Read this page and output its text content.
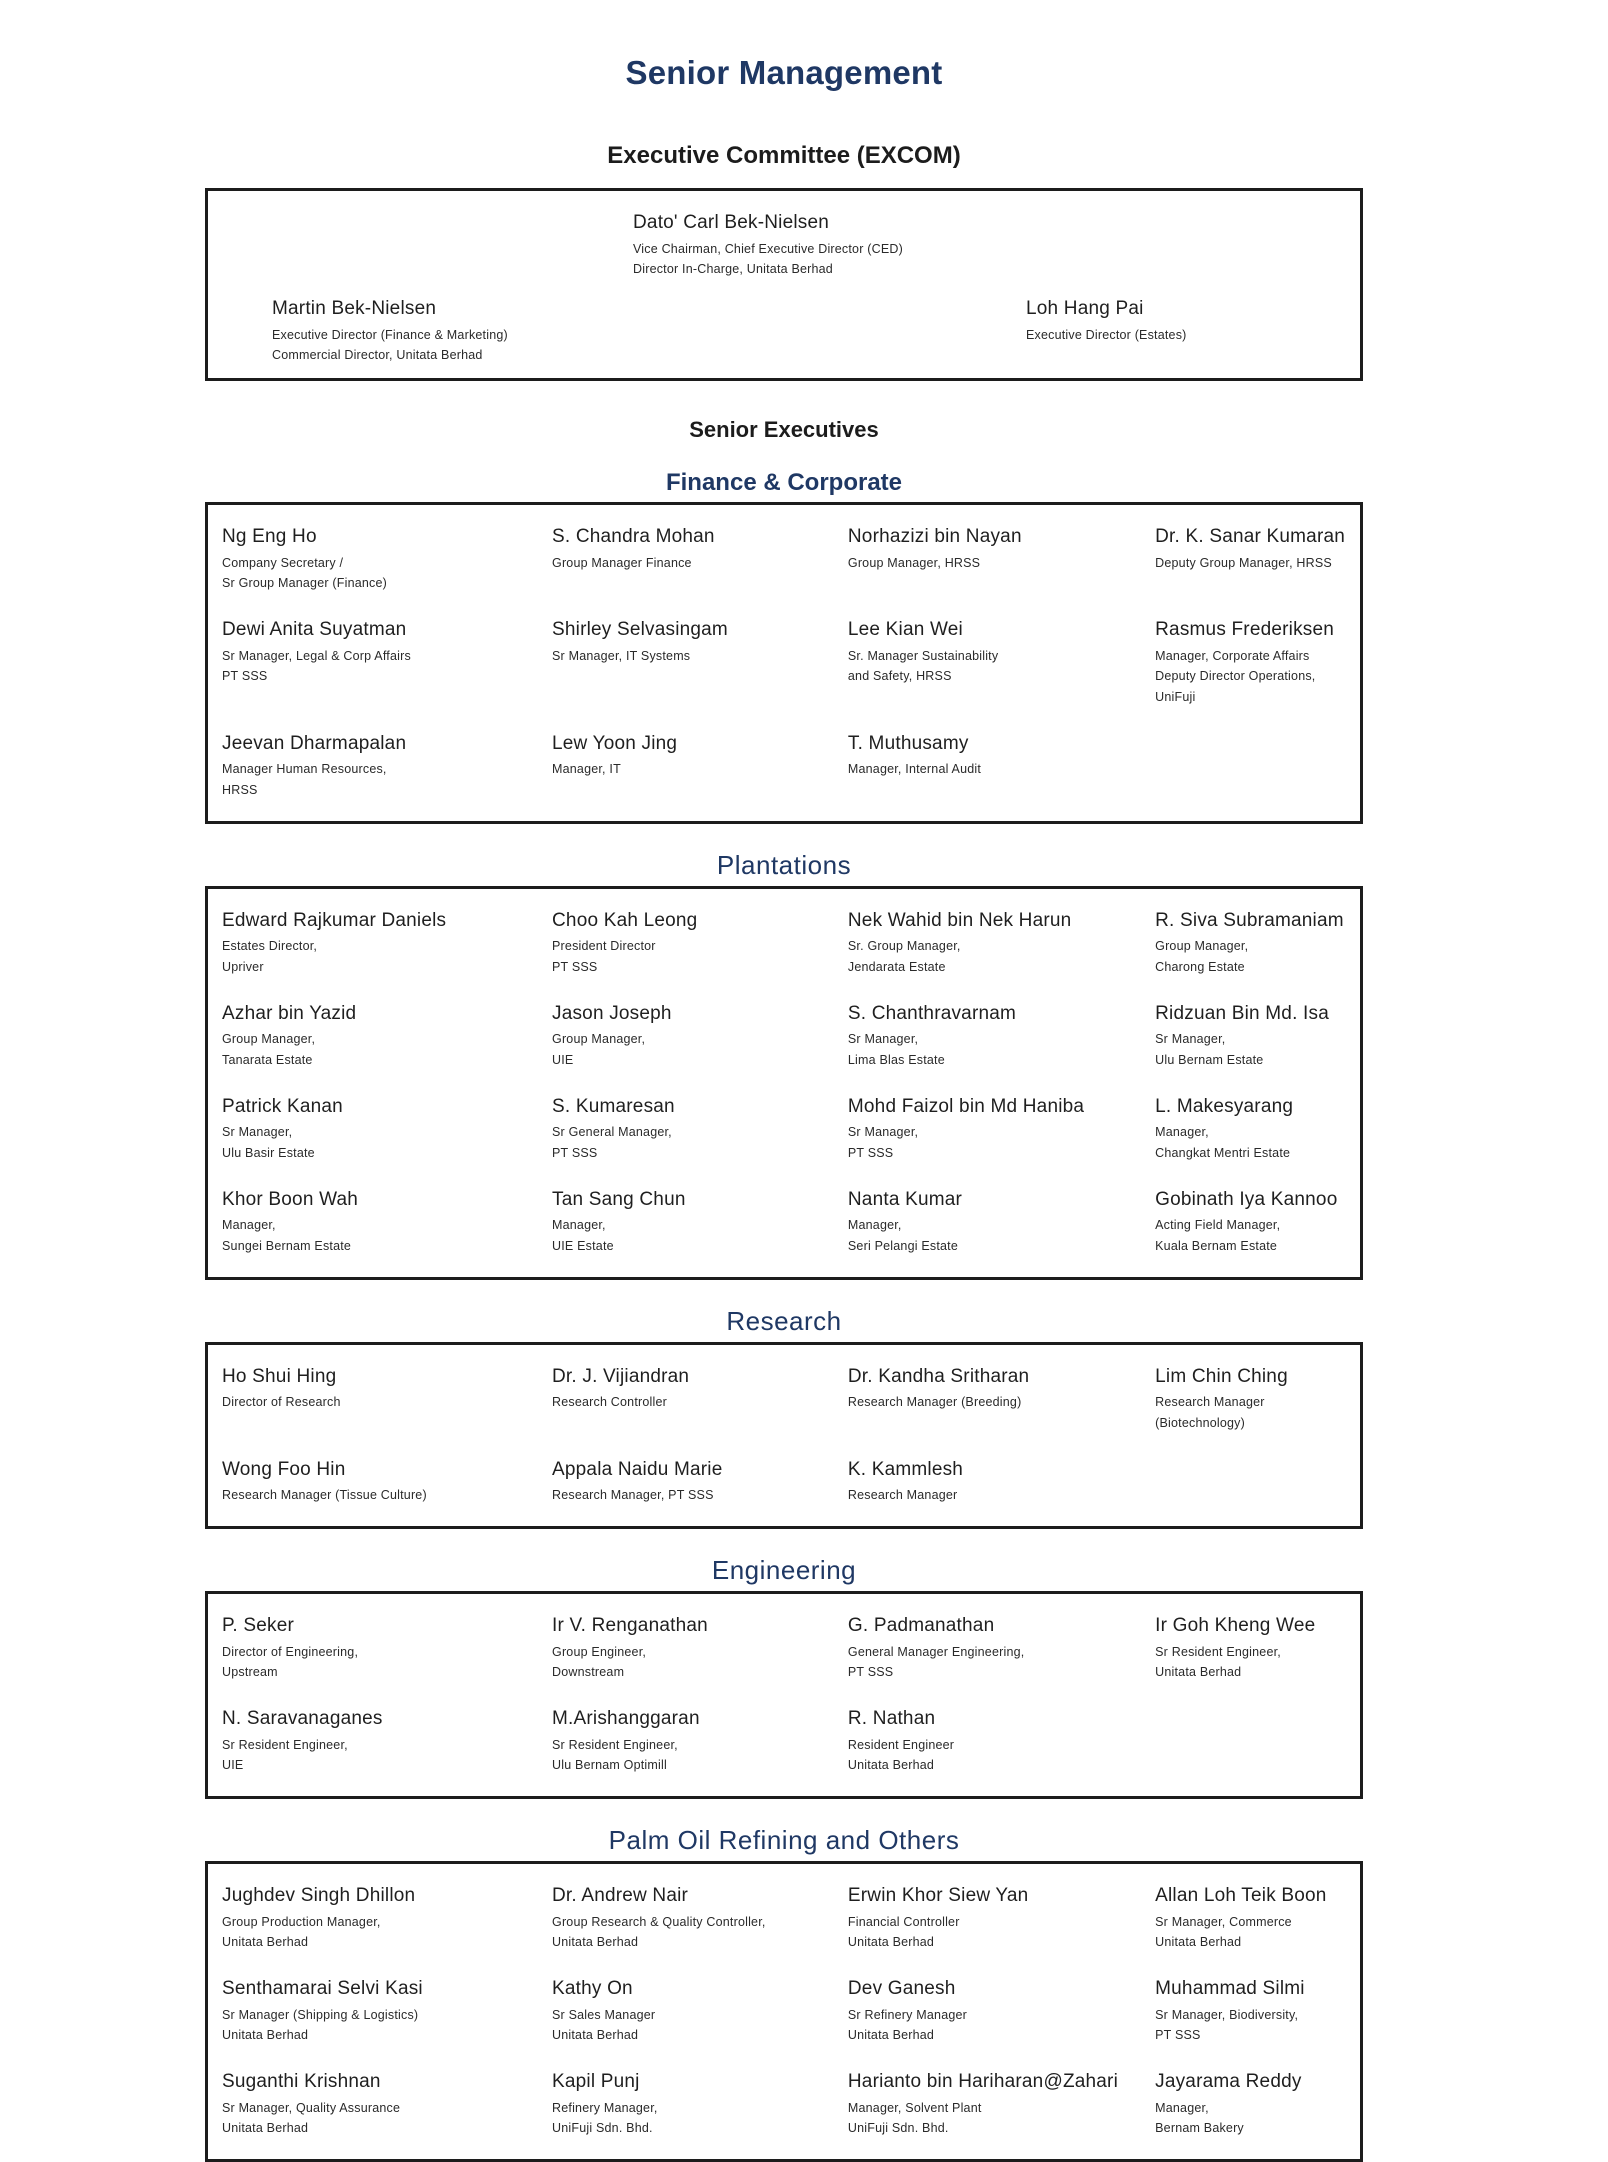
Senior Management
Executive Committee (EXCOM)
Dato' Carl Bek-Nielsen
Vice Chairman, Chief Executive Director (CED)
Director In-Charge, Unitata Berhad
Martin Bek-Nielsen
Executive Director (Finance & Marketing)
Commercial Director, Unitata Berhad
Loh Hang Pai
Executive Director (Estates)
Senior Executives
Finance & Corporate
Ng Eng Ho
Company Secretary /
Sr Group Manager (Finance)
S. Chandra Mohan
Group Manager Finance
Norhazizi bin Nayan
Group Manager, HRSS
Dr. K. Sanar Kumaran
Deputy Group Manager, HRSS
Dewi Anita Suyatman
Sr Manager, Legal & Corp Affairs
PT SSS
Shirley Selvasingam
Sr Manager, IT Systems
Lee Kian Wei
Sr. Manager Sustainability
and Safety, HRSS
Rasmus Frederiksen
Manager, Corporate Affairs
Deputy Director Operations, UniFuji
Jeevan Dharmapalan
Manager Human Resources,
HRSS
Lew Yoon Jing
Manager, IT
T. Muthusamy
Manager, Internal Audit
Plantations
Edward Rajkumar Daniels
Estates Director,
Upriver
Choo Kah Leong
President Director
PT SSS
Nek Wahid bin Nek Harun
Sr. Group Manager,
Jendarata Estate
R. Siva Subramaniam
Group Manager,
Charong Estate
Azhar bin Yazid
Group Manager,
Tanarata Estate
Jason Joseph
Group Manager,
UIE
S. Chanthravarnam
Sr Manager,
Lima Blas Estate
Ridzuan Bin Md. Isa
Sr Manager,
Ulu Bernam Estate
Patrick Kanan
Sr Manager,
Ulu Basir Estate
S. Kumaresan
Sr General Manager,
PT SSS
Mohd Faizol bin Md Haniba
Sr Manager,
PT SSS
L. Makesyarang
Manager,
Changkat Mentri Estate
Khor Boon Wah
Manager,
Sungei Bernam Estate
Tan Sang Chun
Manager,
UIE Estate
Nanta Kumar
Manager,
Seri Pelangi Estate
Gobinath Iya Kannoo
Acting Field Manager,
Kuala Bernam Estate
Research
Ho Shui Hing
Director of Research
Dr. J. Vijiandran
Research Controller
Dr. Kandha Sritharan
Research Manager (Breeding)
Lim Chin Ching
Research Manager (Biotechnology)
Wong Foo Hin
Research Manager (Tissue Culture)
Appala Naidu Marie
Research Manager, PT SSS
K. Kammlesh
Research Manager
Engineering
P. Seker
Director of Engineering,
Upstream
Ir V. Renganathan
Group Engineer,
Downstream
G. Padmanathan
General Manager Engineering,
PT SSS
Ir Goh Kheng Wee
Sr Resident Engineer,
Unitata Berhad
N. Saravanaganes
Sr Resident Engineer,
UIE
M.Arishanggaran
Sr Resident Engineer,
Ulu Bernam Optimill
R. Nathan
Resident Engineer
Unitata Berhad
Palm Oil Refining and Others
Jughdev Singh Dhillon
Group Production Manager,
Unitata Berhad
Dr. Andrew Nair
Group Research & Quality Controller,
Unitata Berhad
Erwin Khor Siew Yan
Financial Controller
Unitata Berhad
Allan Loh Teik Boon
Sr Manager, Commerce
Unitata Berhad
Senthamarai Selvi Kasi
Sr Manager (Shipping & Logistics)
Unitata Berhad
Kathy On
Sr Sales Manager
Unitata Berhad
Dev Ganesh
Sr Refinery Manager
Unitata Berhad
Muhammad Silmi
Sr Manager, Biodiversity,
PT SSS
Suganthi Krishnan
Sr Manager, Quality Assurance
Unitata Berhad
Kapil Punj
Refinery Manager,
UniFuji Sdn. Bhd.
Harianto bin Hariharan@Zahari
Manager, Solvent Plant
UniFuji Sdn. Bhd.
Jayarama Reddy
Manager,
Bernam Bakery
